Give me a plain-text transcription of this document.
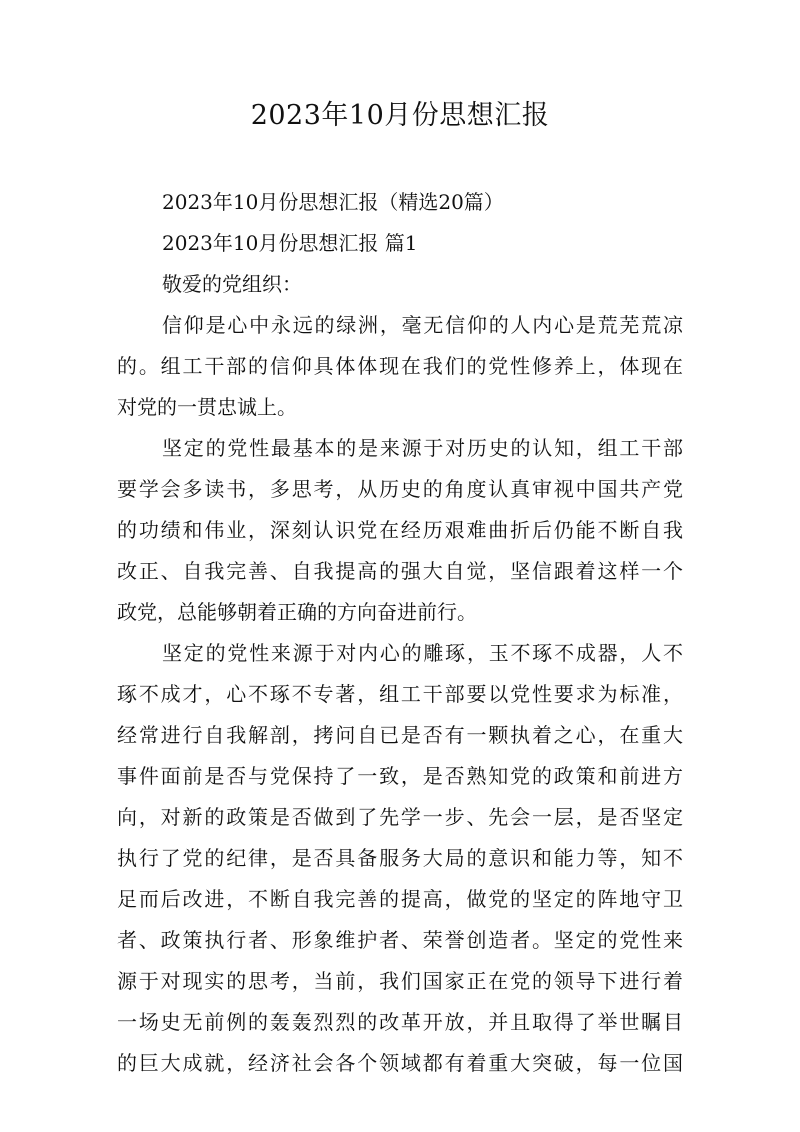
2023年10月份思想汇报
2023年10月份思想汇报（精选20篇）
2023年10月份思想汇报 篇1
敬爱的党组织：
信仰是心中永远的绿洲，毫无信仰的人内心是荒芜荒凉
的。组工干部的信仰具体体现在我们的党性修养上，体现在
对党的一贯忠诚上。
坚定的党性最基本的是来源于对历史的认知，组工干部
要学会多读书，多思考，从历史的角度认真审视中国共产党
的功绩和伟业，深刻认识党在经历艰难曲折后仍能不断自我
改正、自我完善、自我提高的强大自觉，坚信跟着这样一个
政党，总能够朝着正确的方向奋进前行。
坚定的党性来源于对内心的雕琢，玉不琢不成器，人不
琢不成才，心不琢不专著，组工干部要以党性要求为标准，
经常进行自我解剖，拷问自已是否有一颗执着之心，在重大
事件面前是否与党保持了一致，是否熟知党的政策和前进方
向，对新的政策是否做到了先学一步、先会一层，是否坚定
执行了党的纪律，是否具备服务大局的意识和能力等，知不
足而后改进，不断自我完善的提高，做党的坚定的阵地守卫
者、政策执行者、形象维护者、荣誉创造者。坚定的党性来
源于对现实的思考，当前，我们国家正在党的领导下进行着
一场史无前例的轰轰烈烈的改革开放，并且取得了举世瞩目
的巨大成就，经济社会各个领域都有着重大突破，每一位国
